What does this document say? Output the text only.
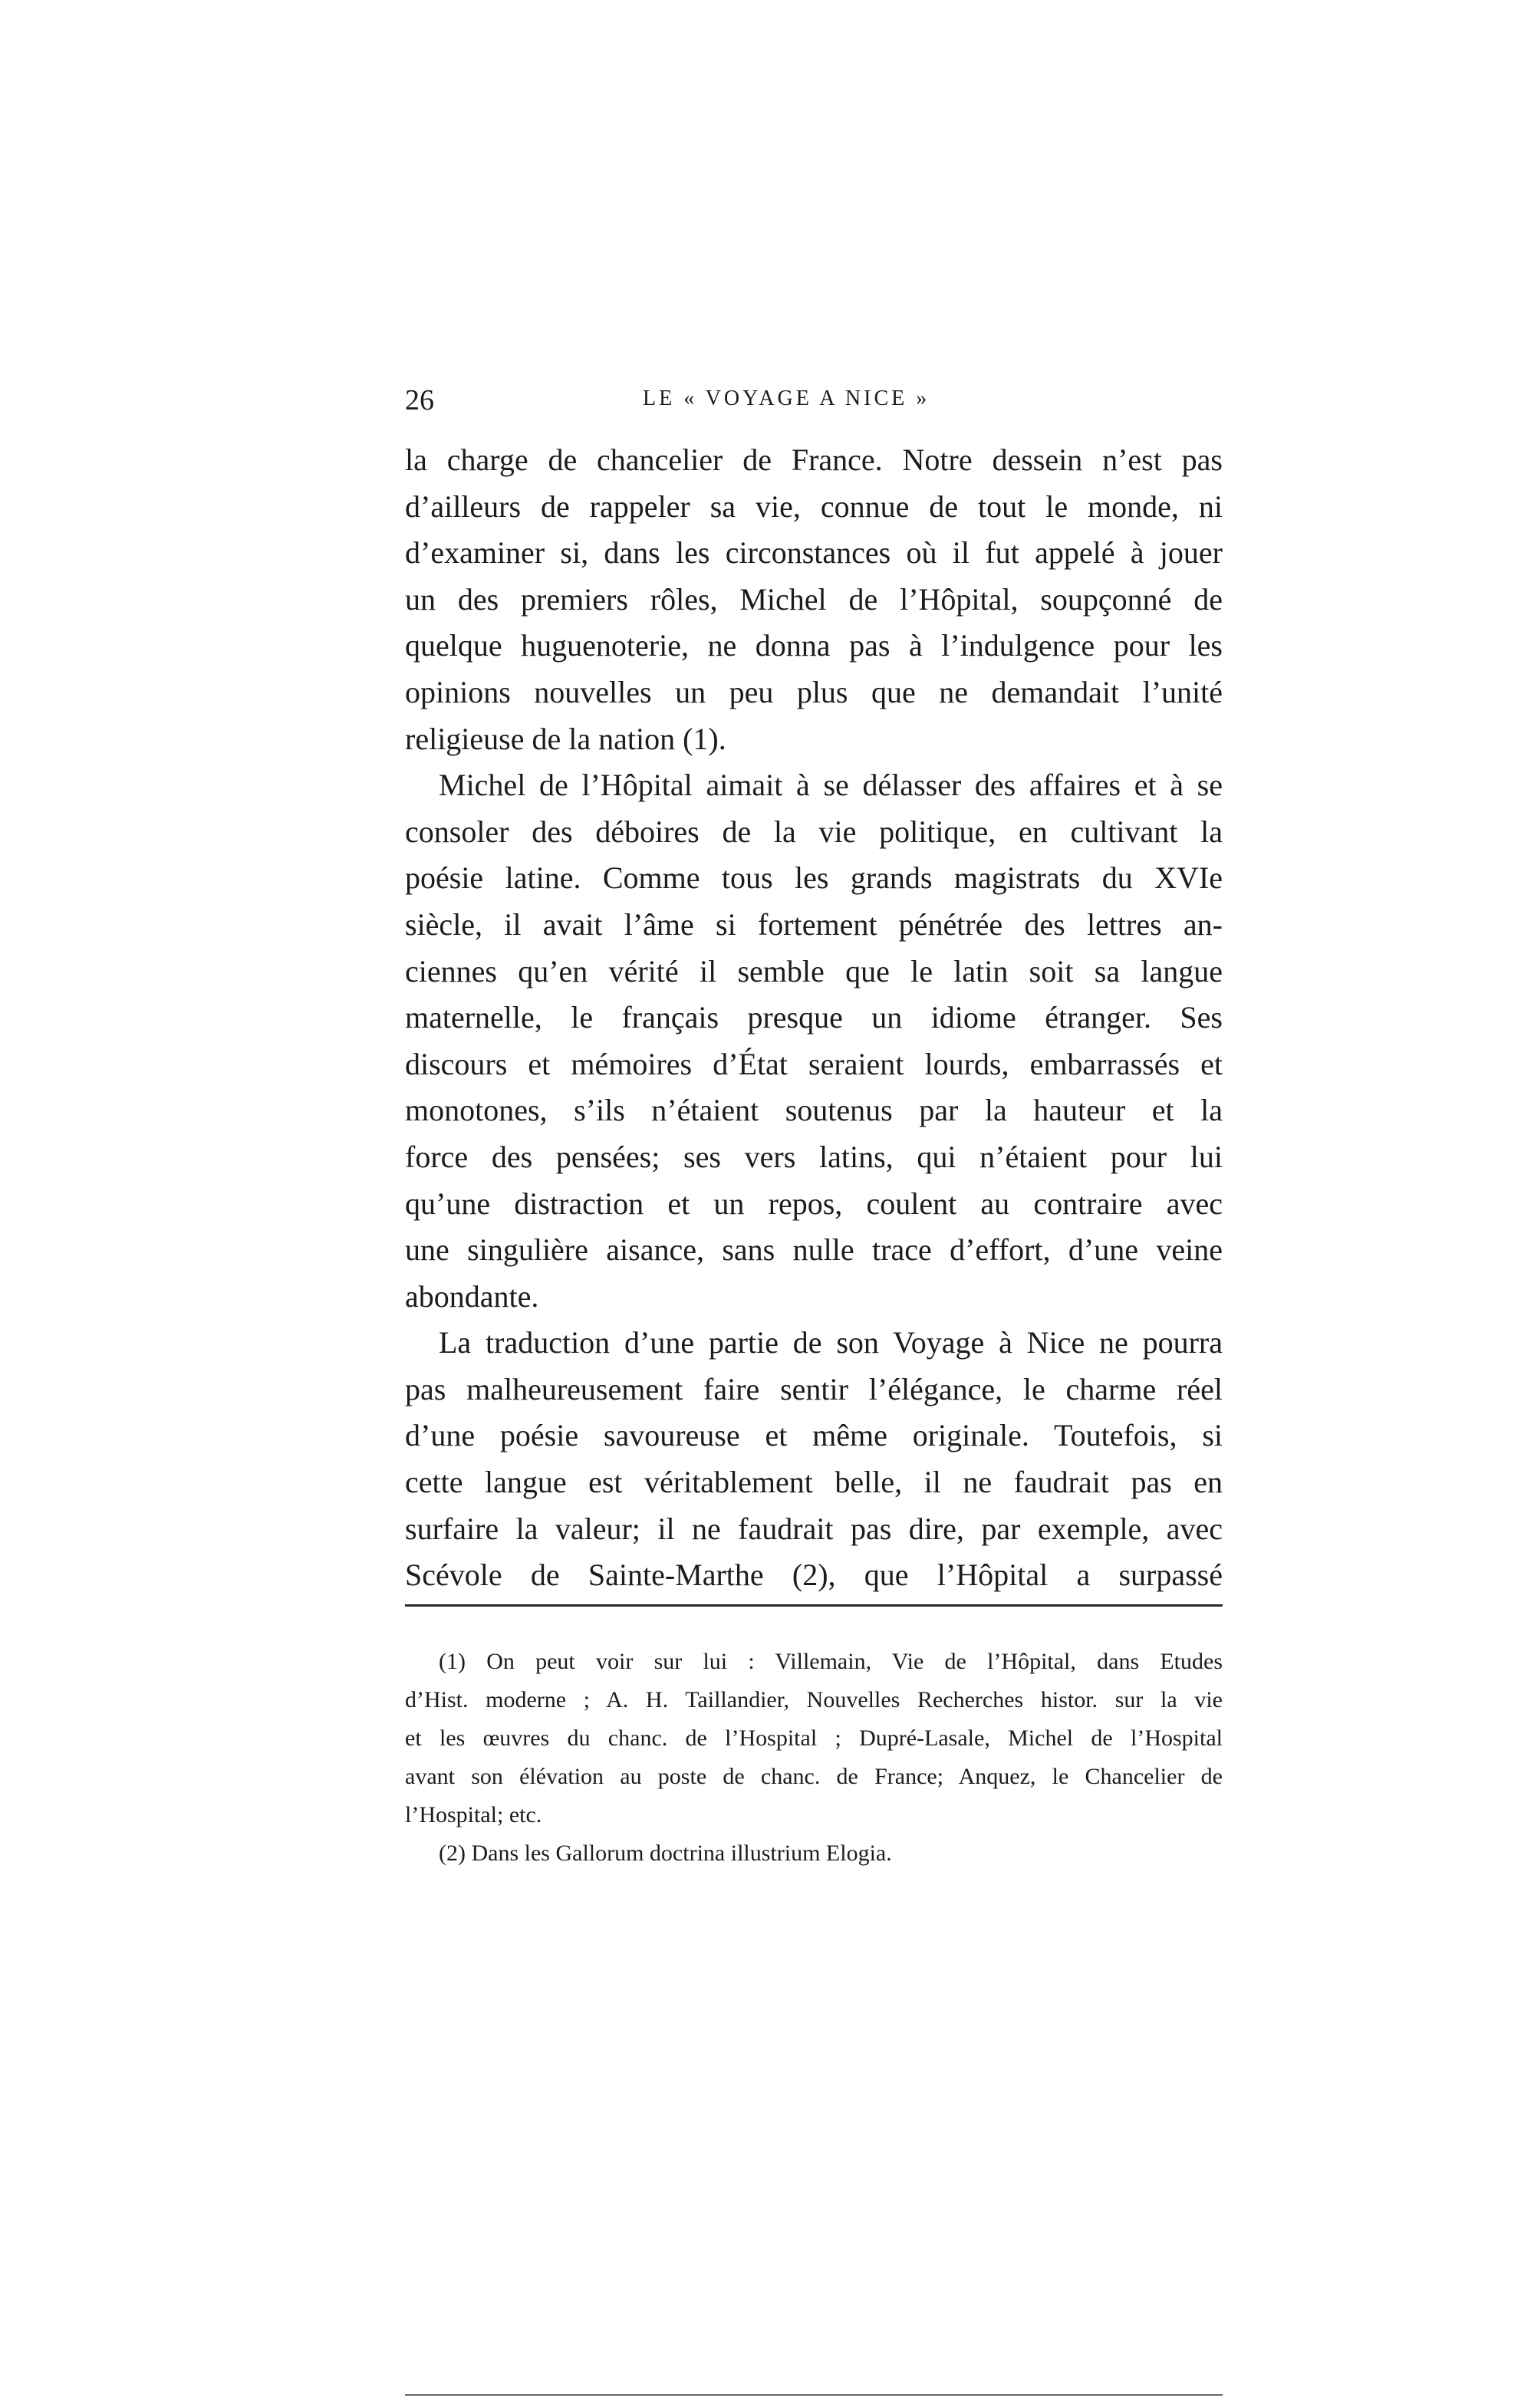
26	LE « VOYAGE A NICE »
la charge de chancelier de France. Notre dessein n’est pas
d’ailleurs de rappeler sa vie, connue de tout le monde, ni
d’examiner si, dans les circonstances où il fut appelé à jouer
un des premiers rôles, Michel de l’Hôpital, soupçonné de
quelque huguenoterie, ne donna pas à l’indulgence pour les
opinions nouvelles un peu plus que ne demandait l’unité
religieuse de la nation (1).
Michel de l’Hôpital aimait à se délasser des affaires et à se
consoler des déboires de la vie politique, en cultivant la
poésie latine. Comme tous les grands magistrats du XVIe
siècle, il avait l’âme si fortement pénétrée des lettres an-
ciennes qu’en vérité il semble que le latin soit sa langue
maternelle, le français presque un idiome étranger. Ses
discours et mémoires d’État seraient lourds, embarrassés et
monotones, s’ils n’étaient soutenus par la hauteur et la
force des pensées; ses vers latins, qui n’étaient pour lui
qu’une distraction et un repos, coulent au contraire avec
une singulière aisance, sans nulle trace d’effort, d’une veine
abondante.
La traduction d’une partie de son Voyage à Nice ne pourra
pas malheureusement faire sentir l’élégance, le charme réel
d’une poésie savoureuse et même originale. Toutefois, si
cette langue est véritablement belle, il ne faudrait pas en
surfaire la valeur; il ne faudrait pas dire, par exemple, avec
Scévole de Sainte-Marthe (2), que l’Hôpital a surpassé
(1) On peut voir sur lui : Villemain, Vie de l’Hôpital, dans Etudes
d’Hist. moderne ; A. H. Taillandier, Nouvelles Recherches histor. sur la vie
et les œuvres du chanc. de l’Hospital ; Dupré-Lasale, Michel de l’Hospital
avant son élévation au poste de chanc. de France; Anquez, le Chancelier de
l’Hospital; etc.
(2) Dans les Gallorum doctrina illustrium Elogia.
